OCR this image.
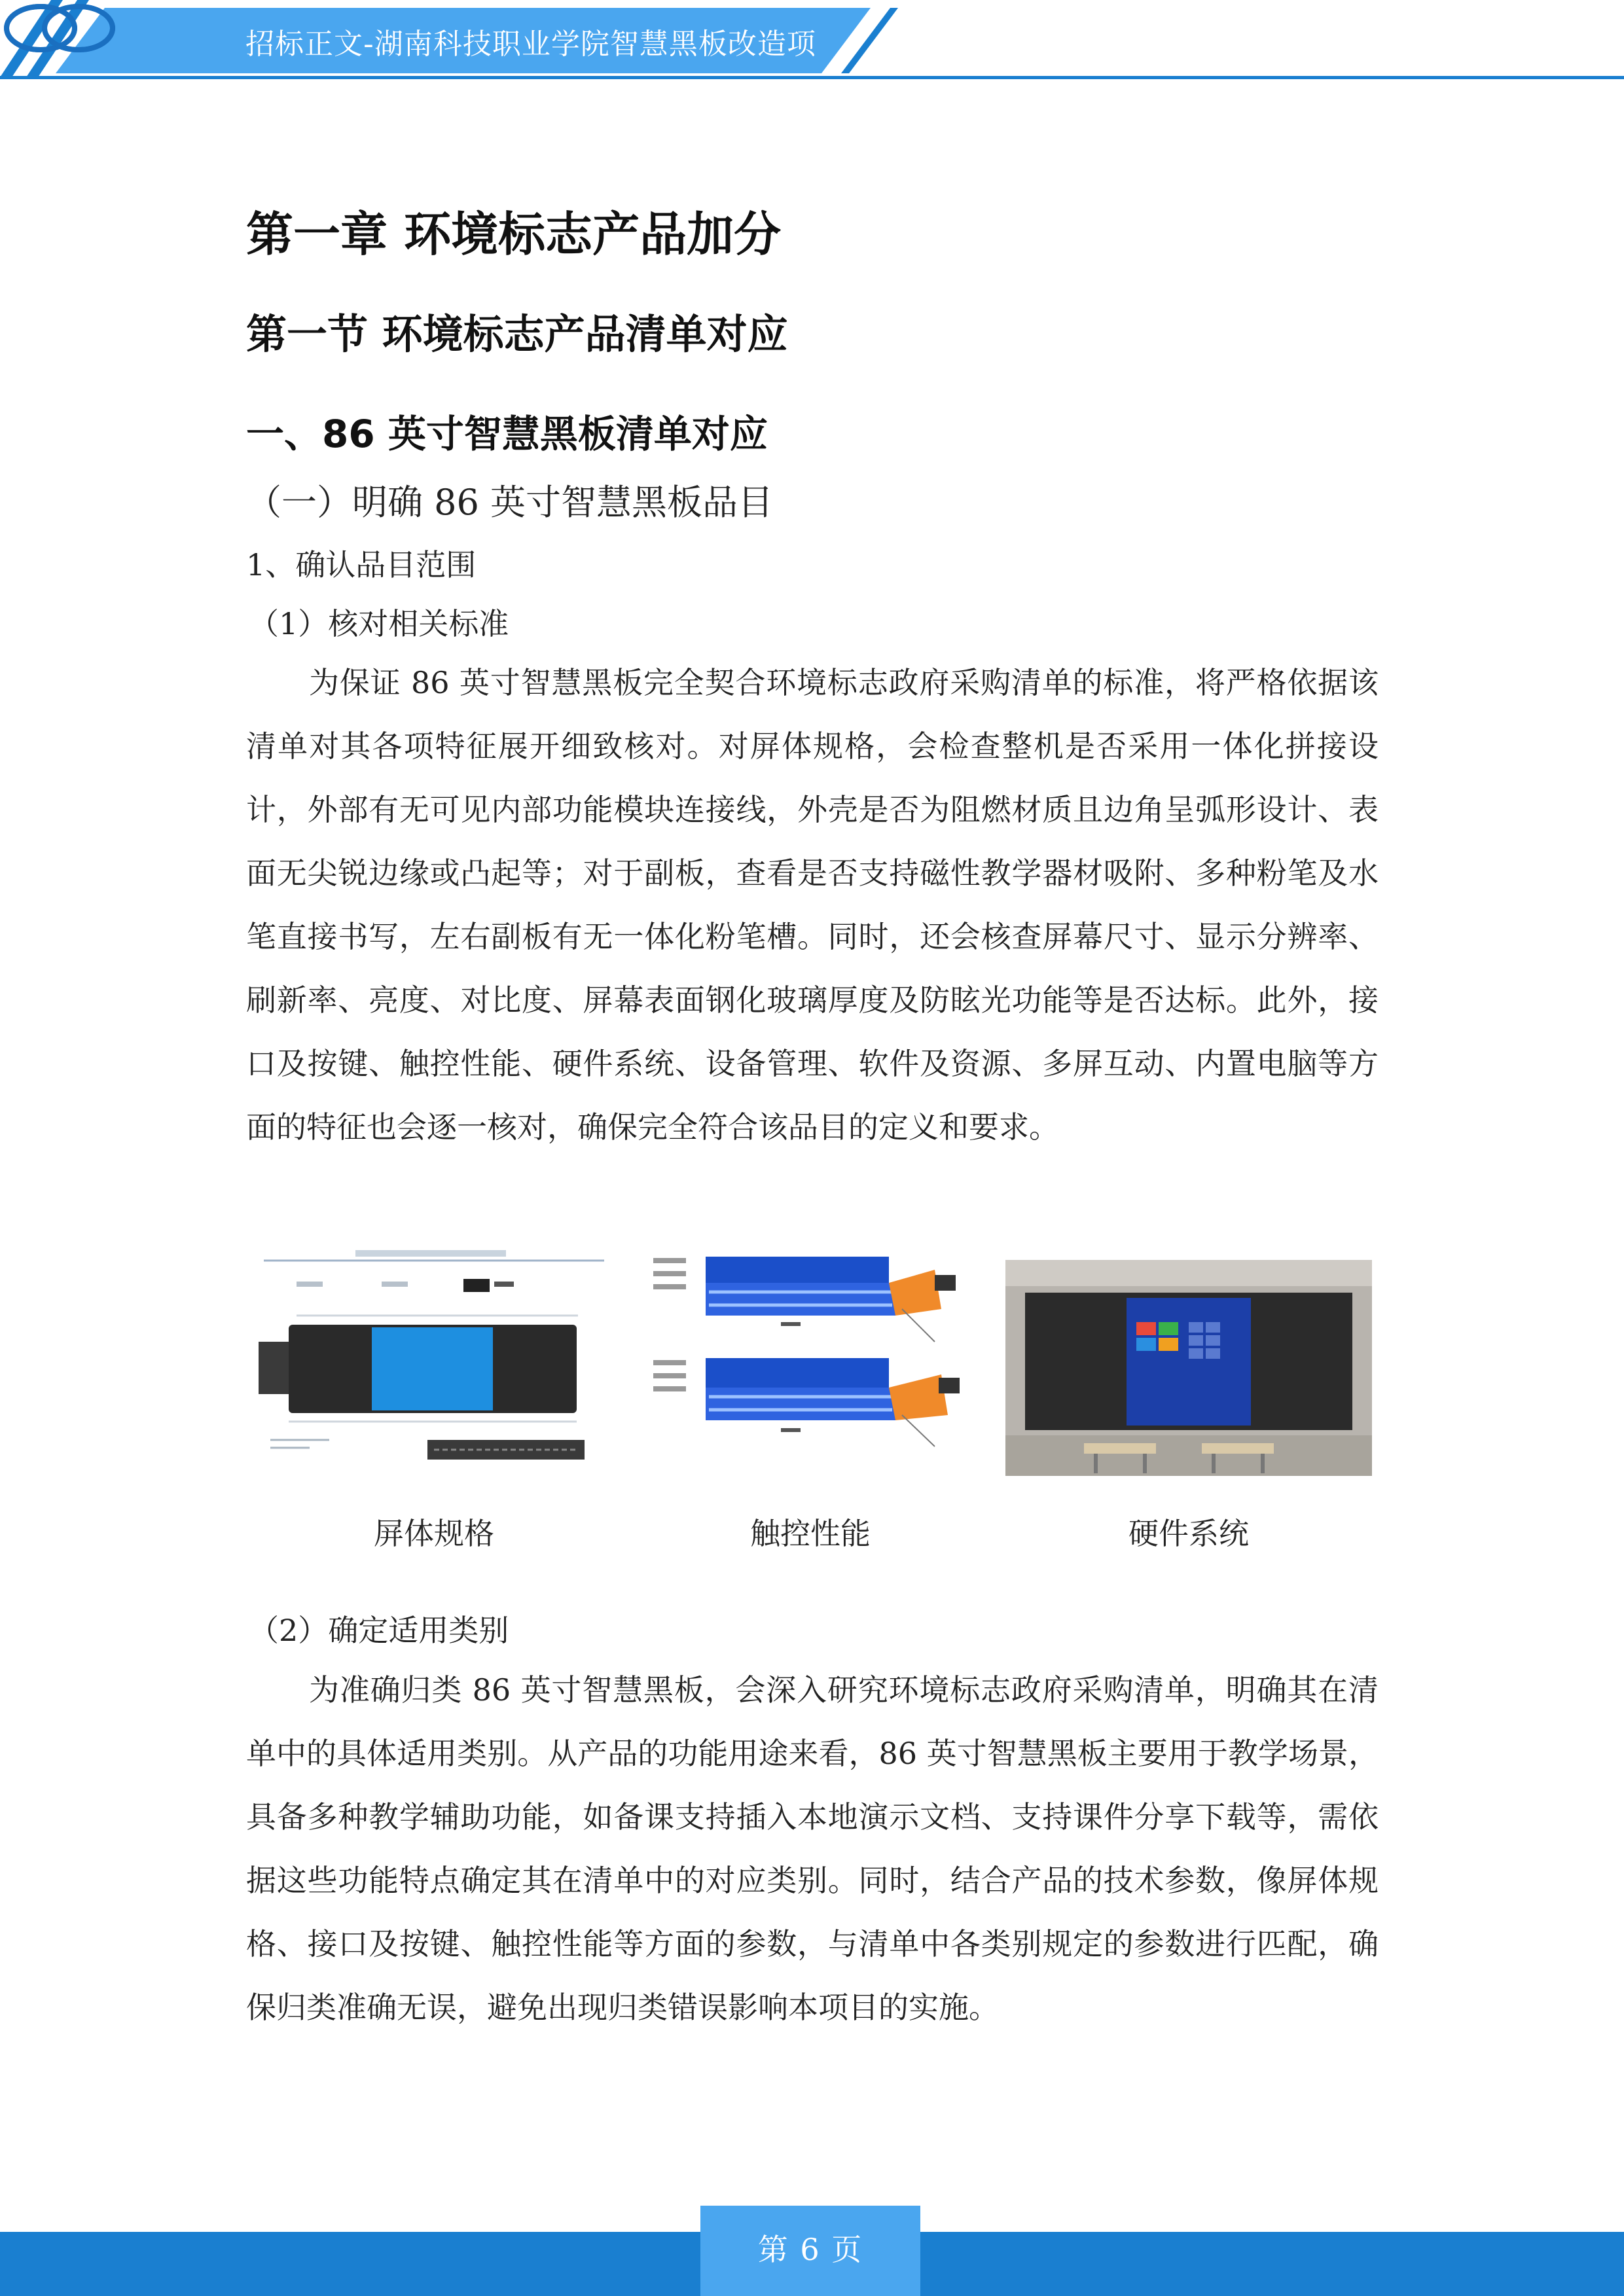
招标正文-湖南科技职业学院智慧黑板改造项
第一章 环境标志产品加分
第一节 环境标志产品清单对应
一、86 英寸智慧黑板清单对应
（一）明确 86 英寸智慧黑板品目
1、确认品目范围
（1）核对相关标准

为保证 86 英寸智慧黑板完全契合环境标志政府采购清单的标准，将严格依据该清单对其各项特征展开细致核对。对屏体规格，会检查整机是否采用一体化拼接设计，外部有无可见内部功能模块连接线，外壳是否为阻燃材质且边角呈弧形设计、表面无尖锐边缘或凸起等；对于副板，查看是否支持磁性教学器材吸附、多种粉笔及水笔直接书写，左右副板有无一体化粉笔槽。同时，还会核查屏幕尺寸、显示分辨率、刷新率、亮度、对比度、屏幕表面钢化玻璃厚度及防眩光功能等是否达标。此外，接口及按键、触控性能、硬件系统、设备管理、软件及资源、多屏互动、内置电脑等方面的特征也会逐一核对，确保完全符合该品目的定义和要求。

屏体规格	触控性能	硬件系统
（2）确定适用类别

为准确归类 86 英寸智慧黑板，会深入研究环境标志政府采购清单，明确其在清单中的具体适用类别。从产品的功能用途来看，86 英寸智慧黑板主要用于教学场景，具备多种教学辅助功能，如备课支持插入本地演示文档、支持课件分享下载等，需依据这些功能特点确定其在清单中的对应类别。同时，结合产品的技术参数，像屏体规格、接口及按键、触控性能等方面的参数，与清单中各类别规定的参数进行匹配，确保归类准确无误，避免出现归类错误影响本项目的实施。

第 6 页
